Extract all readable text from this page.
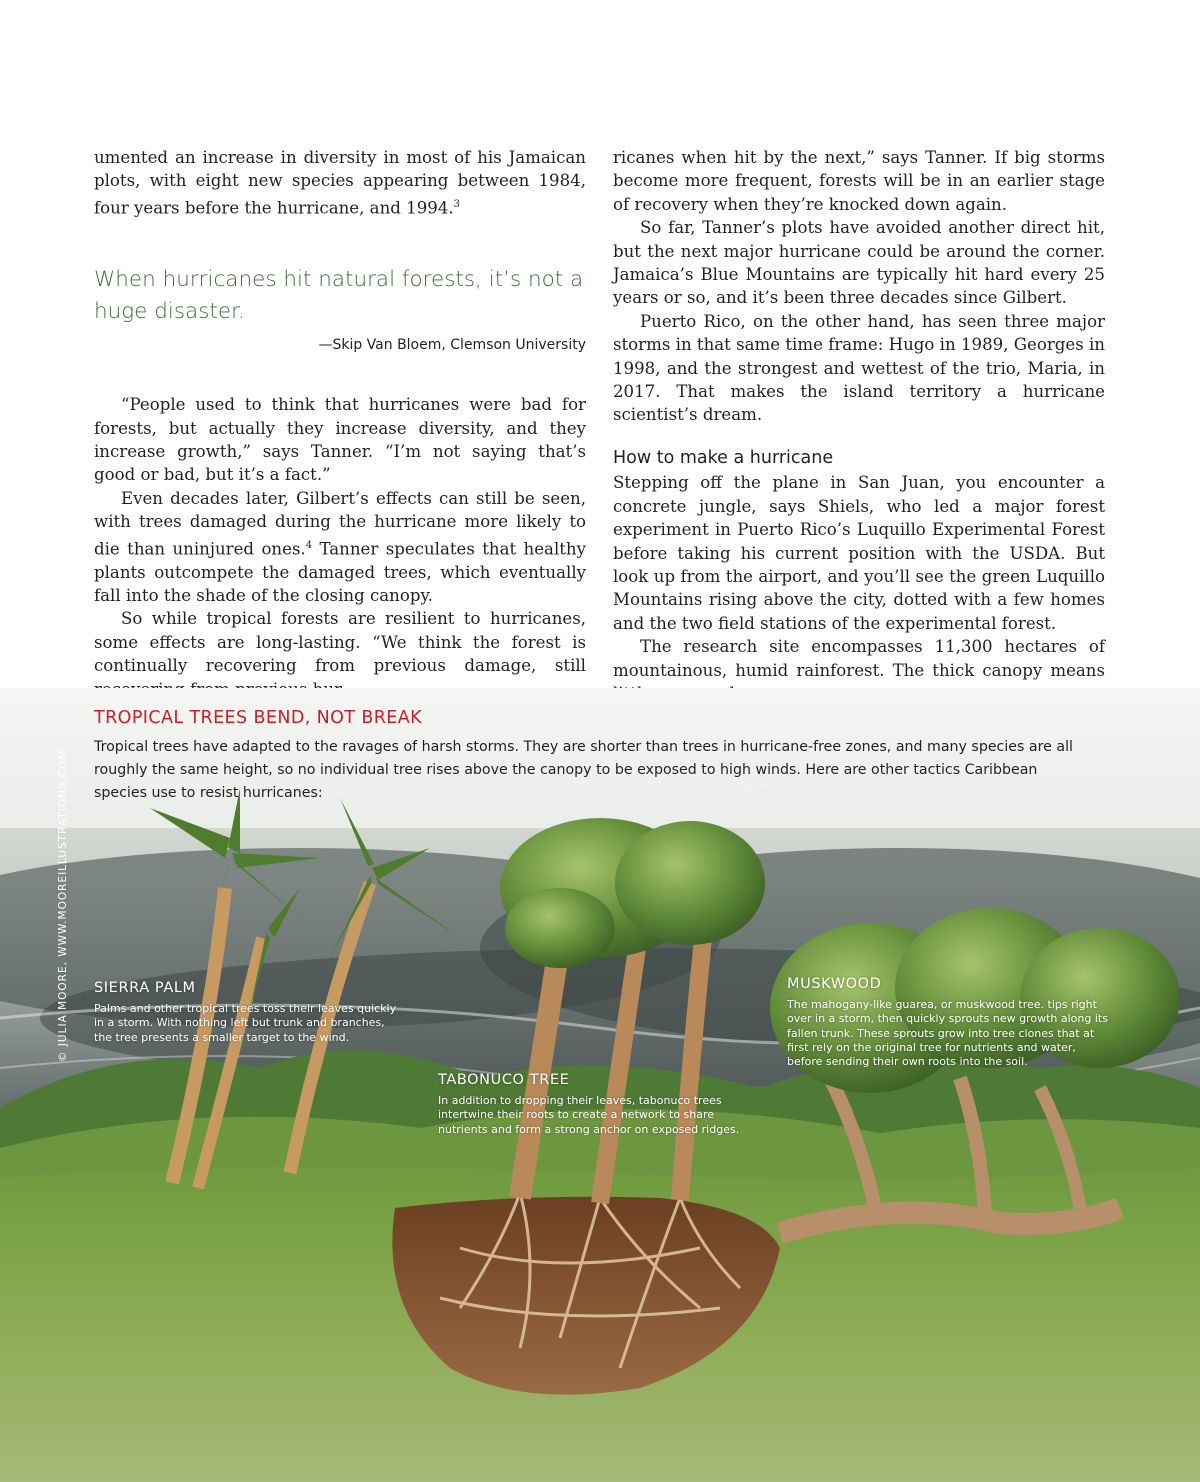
umented an increase in diversity in most of his Jamaican plots, with eight new species appearing between 1984, four years before the hurricane, and 1994.$^3$

When hurricanes hit natural forests, it’s not a huge disaster.
—Skip Van Bloem, Clemson University

“People used to think that hurricanes were bad for forests, but actually they increase diversity, and they increase growth,” says Tanner. “I’m not saying that’s good or bad, but it’s a fact.”

Even decades later, Gilbert’s effects can still be seen, with trees damaged during the hurricane more likely to die than uninjured ones.$^4$ Tanner speculates that healthy plants outcompete the damaged trees, which eventually fall into the shade of the closing canopy.

So while tropical forests are resilient to hurricanes, some effects are long-lasting. “We think the forest is continually recovering from previous damage, still

ricanes when hit by the next,” says Tanner. If big storms become more frequent, forests will be in an earlier stage of recovery when they’re knocked down again.

So far, Tanner’s plots have avoided another direct hit, but the next major hurricane could be around the corner. Jamaica’s Blue Mountains are typically hit hard every 25 years or so, and it’s been three decades since Gilbert.

Puerto Rico, on the other hand, has seen three major storms in that same time frame: Hugo in 1989, Georges in 1998, and the strongest and wettest of the trio, Maria, in 2017. That makes the island territory a hurricane scientist’s dream.

How to make a hurricane

Stepping off the plane in San Juan, you encounter a concrete jungle, says Shiels, who led a major forest experiment in Puerto Rico’s Luquillo Experimental Forest before taking his current position with the USDA. But look up from the airport, and you’ll see the green Luquillo Mountains rising above the city, dotted with a few homes and the two field stations of the experimental forest.

The research site encompasses 11,300 hectares of mountainous, humid rainforest. The thick canopy means

TROPICAL TREES BEND, NOT BREAK
Tropical trees have adapted to the ravages of harsh storms. They are shorter than trees in hurricane-free zones, and many species are all roughly the same height, so no individual tree rises above the canopy to be exposed to high winds. Here are other tactics Caribbean species use to resist hurricanes:
SIERRA PALM
Palms and other tropical trees toss their leaves quickly in a storm. With nothing left but trunk and branches, the tree presents a smaller target to the wind.
TABONUCO TREE
In addition to dropping their leaves, tabonuco trees intertwine their roots to create a network to share nutrients and form a strong anchor on exposed ridges.
MUSKWOOD
The mahogany-like guarea, or muskwood tree. tips right over in a storm, then quickly sprouts new growth along its fallen trunk. These sprouts grow into tree clones that at first rely on the original tree for nutrients and water, before sending their own roots into the soil.
© JULIA MOORE, WWW.MOOREILLUSTRATIONS.COM
